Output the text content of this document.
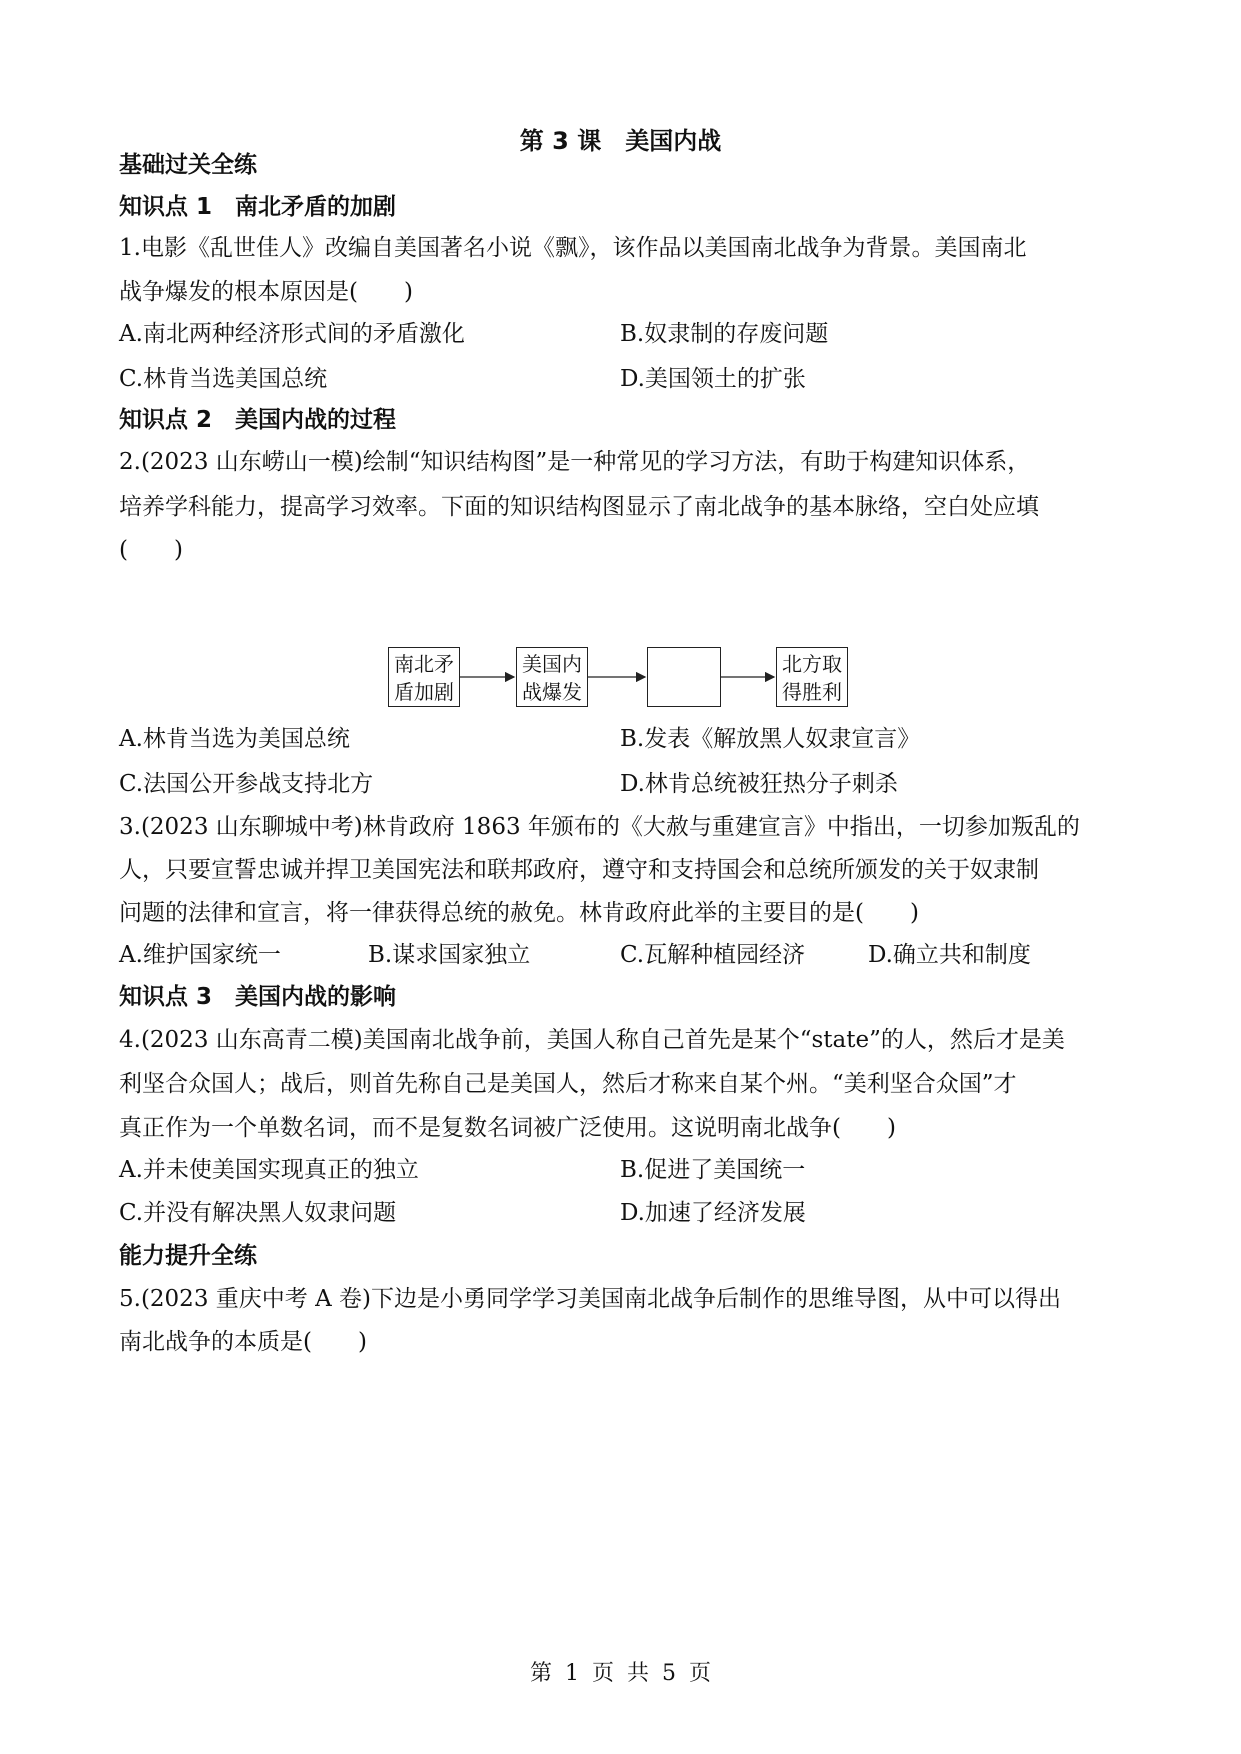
第 3 课　美国内战
基础过关全练
知识点 1　南北矛盾的加剧
1.电影《乱世佳人》改编自美国著名小说《飘》，该作品以美国南北战争为背景。美国南北
战争爆发的根本原因是(　　)
A.南北两种经济形式间的矛盾激化	B.奴隶制的存废问题
C.林肯当选美国总统	D.美国领土的扩张
知识点 2　美国内战的过程
2.(2023 山东崂山一模)绘制“知识结构图”是一种常见的学习方法，有助于构建知识体系，
培养学科能力，提高学习效率。下面的知识结构图显示了南北战争的基本脉络，空白处应填
(　　)
南北矛
盾加剧
美国内
战爆发
北方取
得胜利
A.林肯当选为美国总统	B.发表《解放黑人奴隶宣言》
C.法国公开参战支持北方	D.林肯总统被狂热分子刺杀
3.(2023 山东聊城中考)林肯政府 1863 年颁布的《大赦与重建宣言》中指出，一切参加叛乱的
人，只要宣誓忠诚并捍卫美国宪法和联邦政府，遵守和支持国会和总统所颁发的关于奴隶制
问题的法律和宣言，将一律获得总统的赦免。林肯政府此举的主要目的是(　　)
A.维护国家统一	B.谋求国家独立	C.瓦解种植园经济	D.确立共和制度
知识点 3　美国内战的影响
4.(2023 山东高青二模)美国南北战争前，美国人称自己首先是某个“state”的人，然后才是美
利坚合众国人；战后，则首先称自己是美国人，然后才称来自某个州。“美利坚合众国”才
真正作为一个单数名词，而不是复数名词被广泛使用。这说明南北战争(　　)
A.并未使美国实现真正的独立	B.促进了美国统一
C.并没有解决黑人奴隶问题	D.加速了经济发展
能力提升全练
5.(2023 重庆中考 A 卷)下边是小勇同学学习美国南北战争后制作的思维导图，从中可以得出
南北战争的本质是(　　)
第 1 页 共 5 页
